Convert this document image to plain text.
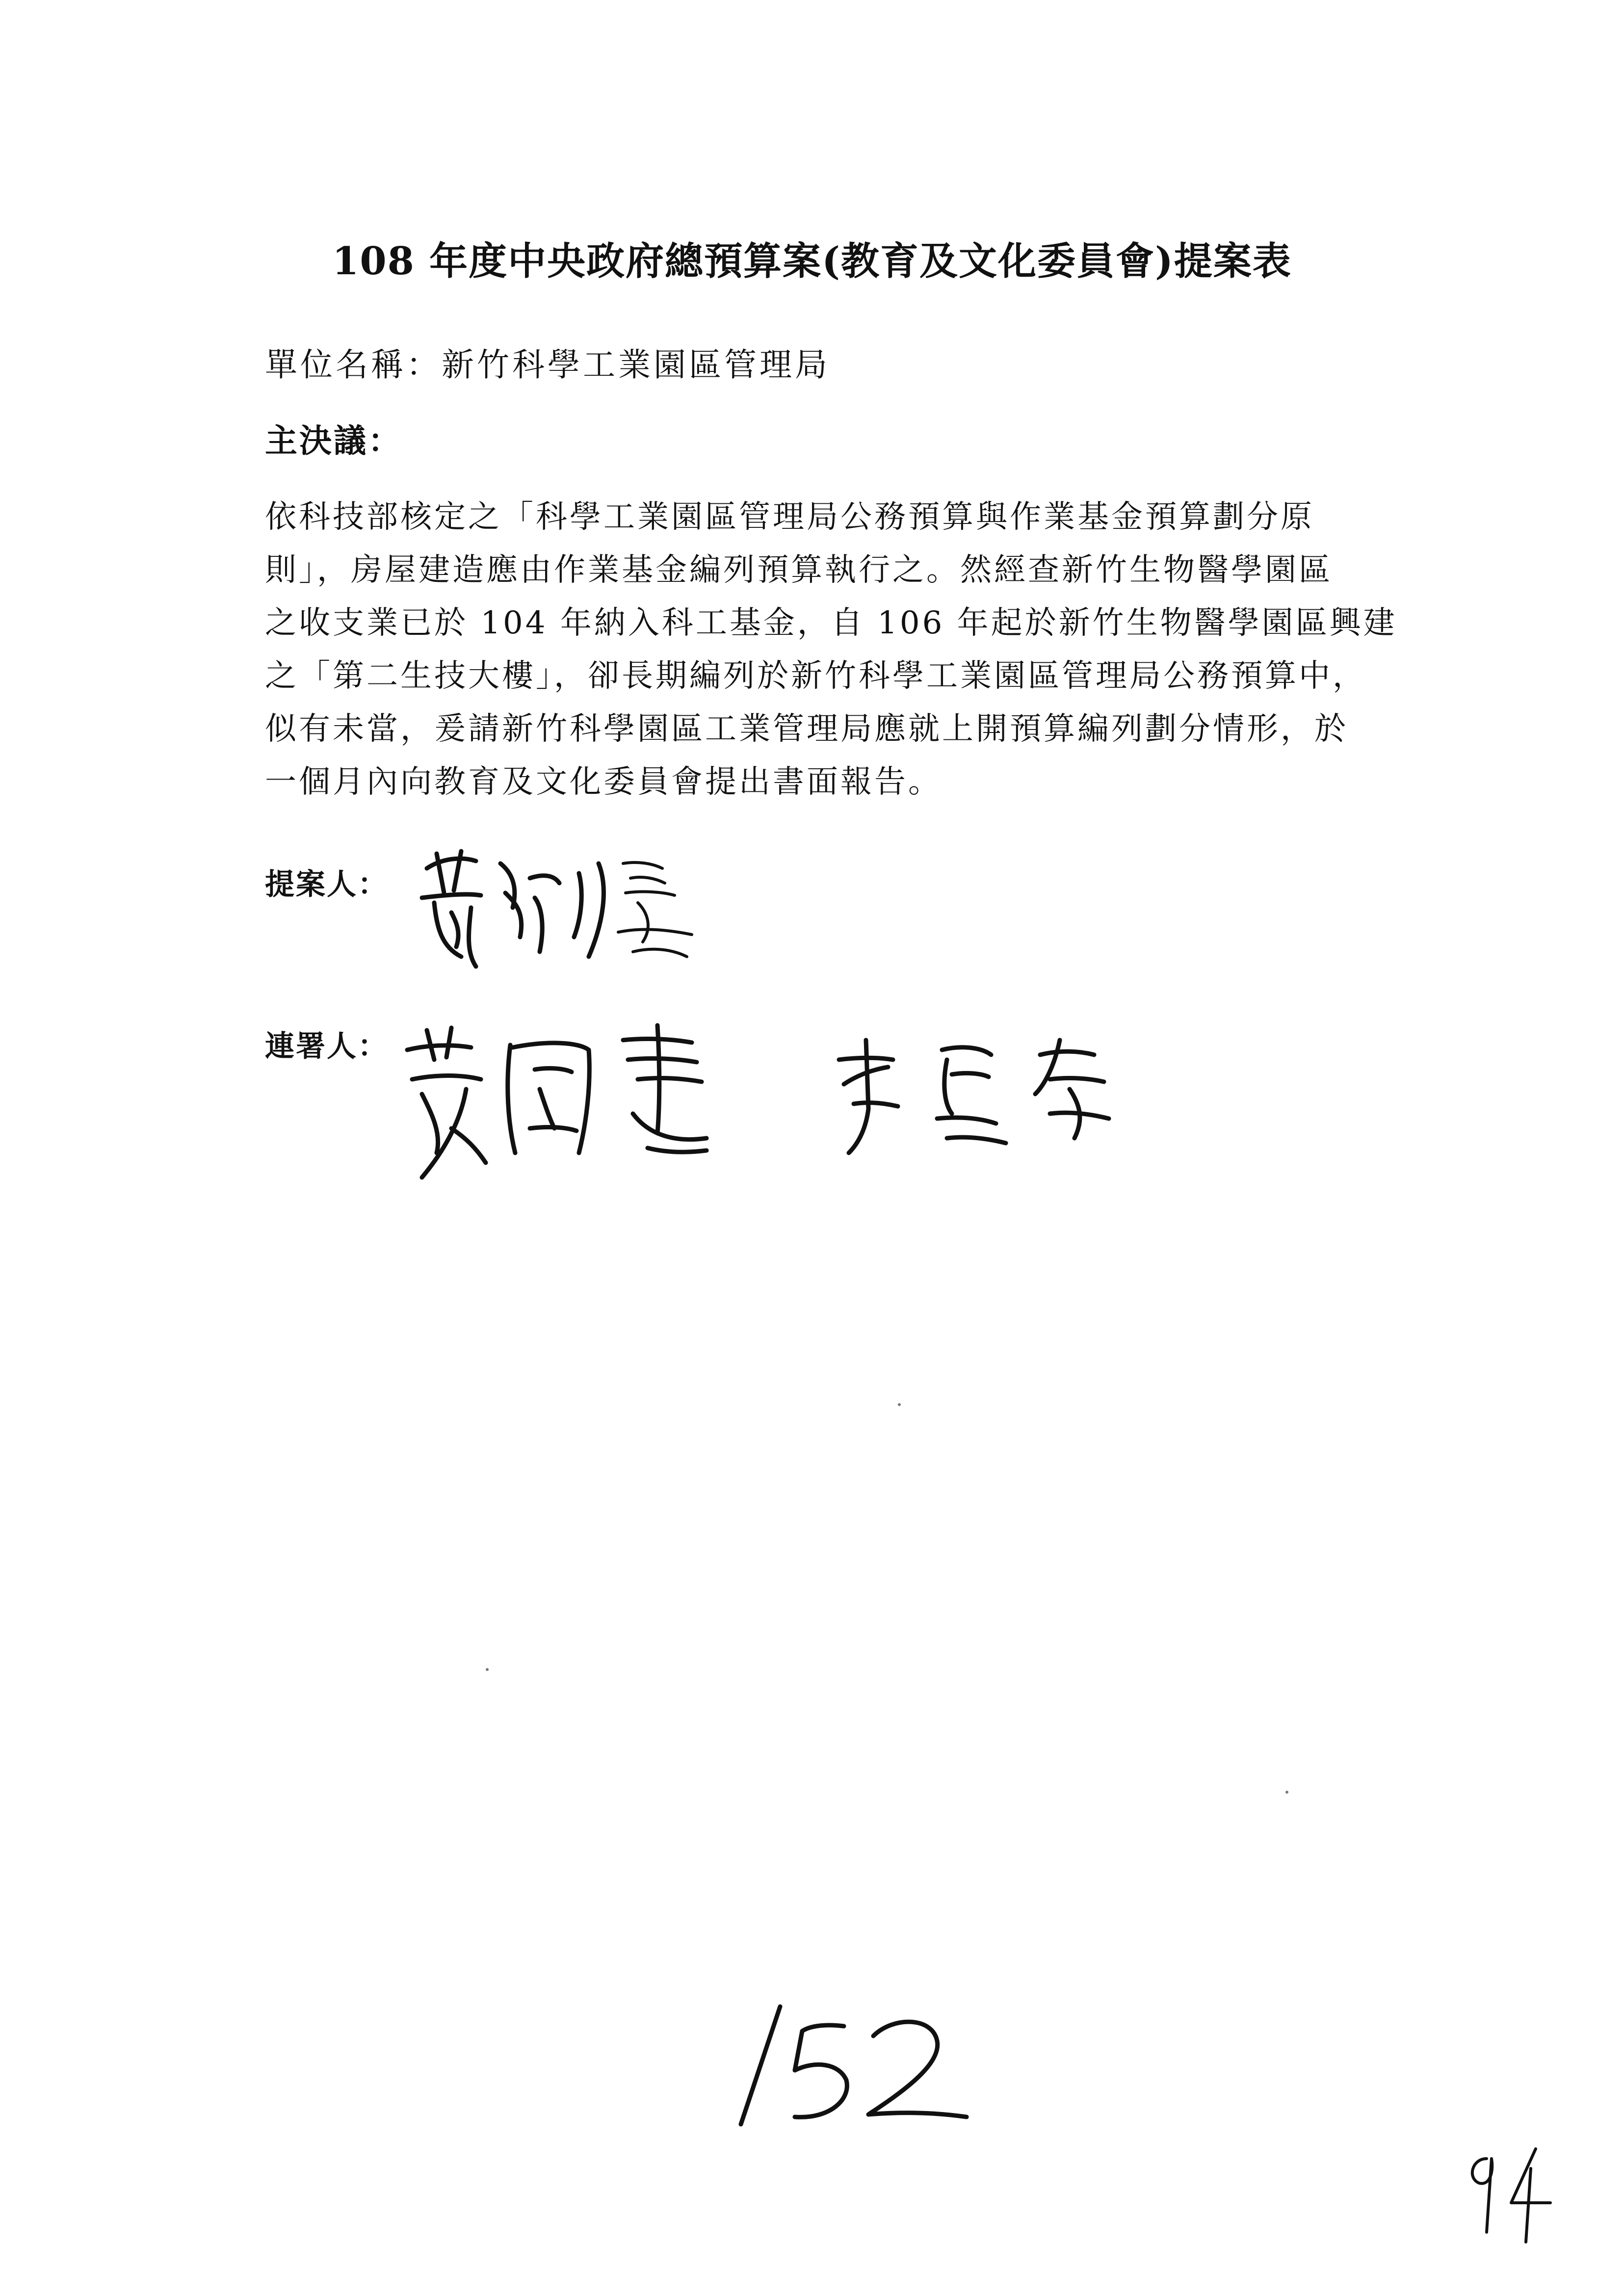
108 年度中央政府總預算案(教育及文化委員會)提案表
單位名稱：新竹科學工業園區管理局
主決議：
依科技部核定之「科學工業園區管理局公務預算與作業基金預算劃分原
則」，房屋建造應由作業基金編列預算執行之。然經查新竹生物醫學園區
之收支業已於 104 年納入科工基金，自 106 年起於新竹生物醫學園區興建
之「第二生技大樓」，卻長期編列於新竹科學工業園區管理局公務預算中，
似有未當，爰請新竹科學園區工業管理局應就上開預算編列劃分情形，於
一個月內向教育及文化委員會提出書面報告。
提案人：
連署人：
